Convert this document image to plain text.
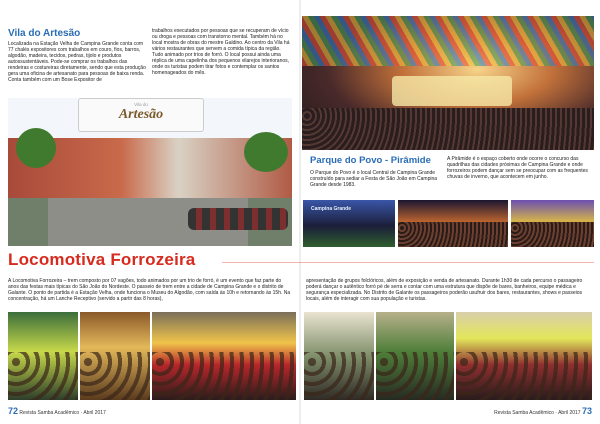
Vila do Artesão

Localizada na Estação Velha de Campina Grande conta com 77 chalés expositores com trabalhos em couro, fios, barros, algodão, madeira, tecidos, pedras, tijolo e produtos autossustentáveis. Pode-se comprar os trabalhos das rendeiras e costureiras diretamente, sendo que esta produção gera uma oficina de artesanato para pessoas de baixa renda. Conta também com um Bose Expositor de

trabalhos executados por pessoas que se recuperam de vício ou droga e pessoas com transtorno mental. Também há no local mostra de obras do mestre Galdino. Ao centro da Vila há vários restaurantes que servem a comida típica da região. Tudo animado por trios de forró. O local possui ainda uma réplica de uma capelinha dos pequenos vilarejos interioranos, onde os turistas podem tirar fotos e contemplar os santos homenageados do mês.

Vila do
Artesão
Parque do Povo - Pirâmide

O Parque do Povo é o local Central de Campina Grande construído para sediar a Festa de São João em Campina Grande desde 1983.

A Pirâmide é o espaço coberto onde ocorre o concurso das quadrilhas das cidades próximas de Campina Grande e onde forrozeiros podem dançar sem se preocupar com as frequentes chuvas de inverno, que acontecem em junho.

Campina Grande
Locomotiva Forrozeira

A Locomotiva Forrozeira – trem composto por 07 vagões, todo animados por um trio de forró, é um evento que faz parte do anos das festas mais típicas do São João do Nordeste. O passeio de trem entre a cidade de Campina Grande e o distrito de Galante. O ponto de partida é a Estação Velha, onde funciona o Museu do Algodão, com saída às 10h e retornando às 15h. Na concentração, há um Lanche Receptivo (servido a partir das 8 horas),

apresentação de grupos folclóricos, além de exposição e venda de artesanato. Durante 1h30 de cada percurso o passageiro poderá dançar o autêntico forró pé de serra e contar com uma estrutura que dispõe de bares, banheiros, equipe médica e segurança especializada. No Distrito de Galante os passageiros poderão usufruir dos bares, restaurantes, shows e passeios locais, além de interagir com sua população e turistas.

72 Revista Samba Acadêmico · Abril 2017	Revista Samba Acadêmico · Abril 2017 73
